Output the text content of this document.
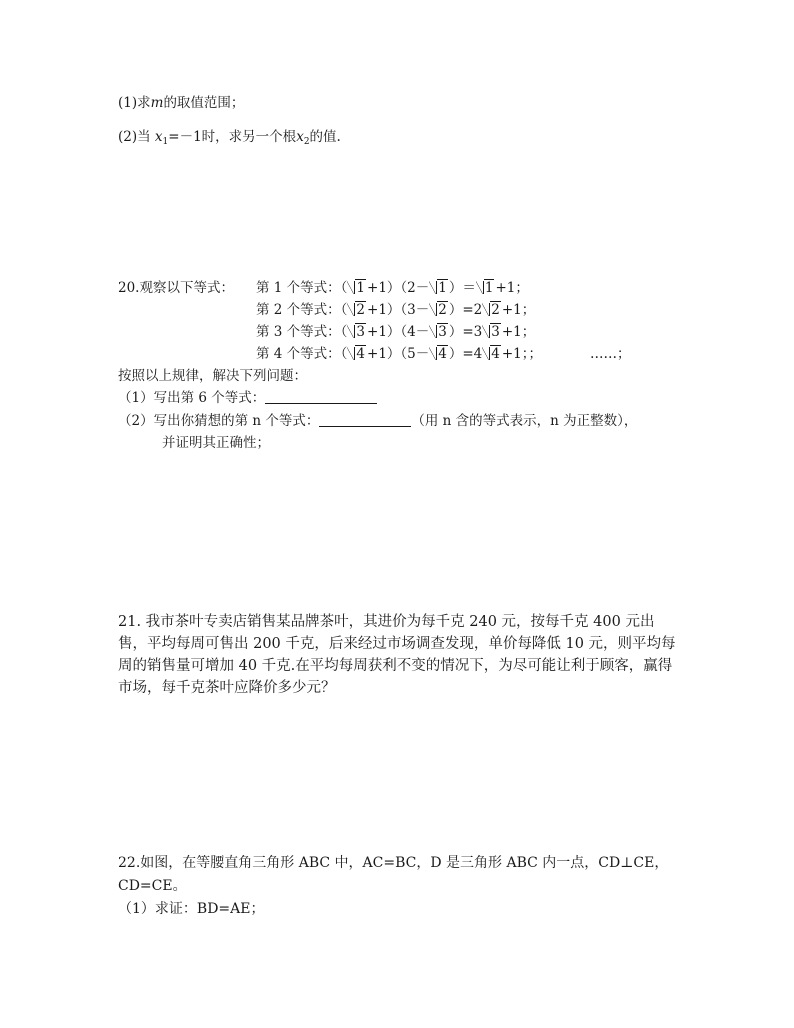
(1)求m的取值范围；
(2)当 $x_1=-1$时，求另一个根$x_2$的值.
20.观察以下等式： 第 1 个等式：（ 1 +1）（2－ 1 ）＝ 1 +1；
第 2 个等式：（ 2 +1）（3－ 2 ）=2 2 +1；
第 3 个等式：（ 3 +1）（4－ 3 ）=3 3 +1；
第 4 个等式：（ 4 +1）（5－ 4 ）=4 4 +1；；	……；
按照以上规律，解决下列问题：
（1）写出第 6 个等式：
（2）写出你猜想的第 n 个等式：	（用 n 含的等式表示，n 为正整数），
并证明其正确性；
21. 我市茶叶专卖店销售某品牌茶叶，其进价为每千克 240 元，按每千克 400 元出售，平均每周可售出 200 千克，后来经过市场调查发现，单价每降低 10 元，则平均每周的销售量可增加 40 千克.在平均每周获利不变的情况下，为尽可能让利于顾客，赢得市场，每千克茶叶应降价多少元？
22.如图，在等腰直角三角形 ABC 中，AC=BC，D 是三角形 ABC 内一点，CD⊥CE，
CD=CE。
（1）求证：BD=AE；
